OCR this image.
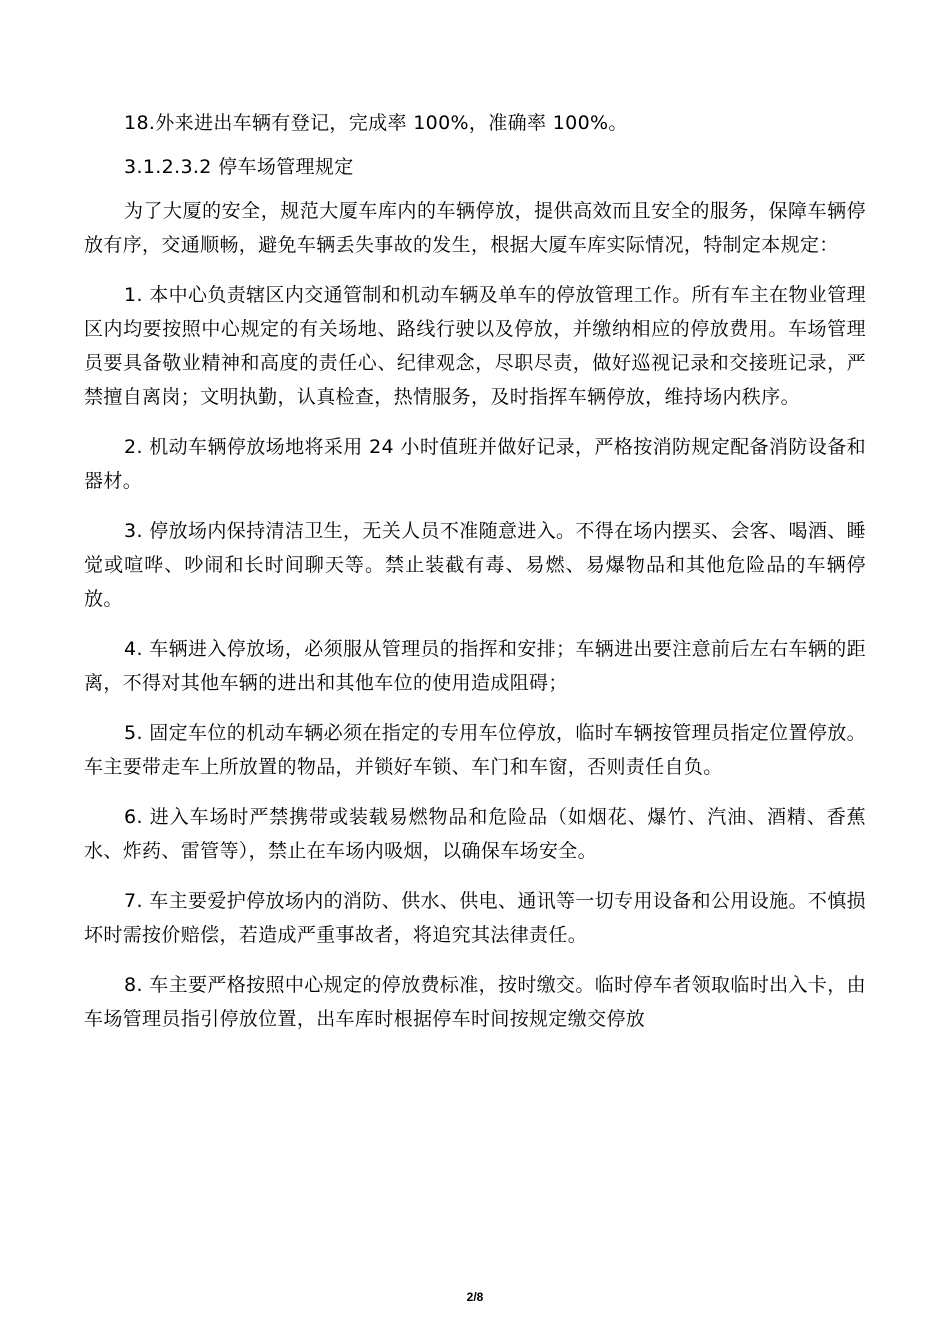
18.外来进出车辆有登记，完成率 100%，准确率 100%。

3.1.2.3.2 停车场管理规定

为了大厦的安全，规范大厦车库内的车辆停放，提供高效而且安全的服务，保障车辆停放有序，交通顺畅，避免车辆丢失事故的发生，根据大厦车库实际情况，特制定本规定：

1. 本中心负责辖区内交通管制和机动车辆及单车的停放管理工作。所有车主在物业管理区内均要按照中心规定的有关场地、路线行驶以及停放，并缴纳相应的停放费用。车场管理员要具备敬业精神和高度的责任心、纪律观念，尽职尽责，做好巡视记录和交接班记录，严禁擅自离岗；文明执勤，认真检查，热情服务，及时指挥车辆停放，维持场内秩序。

2. 机动车辆停放场地将采用 24 小时值班并做好记录，严格按消防规定配备消防设备和器材。

3. 停放场内保持清洁卫生，无关人员不准随意进入。不得在场内摆买、会客、喝酒、睡觉或喧哗、吵闹和长时间聊天等。禁止装截有毒、易燃、易爆物品和其他危险品的车辆停放。

4. 车辆进入停放场，必须服从管理员的指挥和安排；车辆进出要注意前后左右车辆的距离，不得对其他车辆的进出和其他车位的使用造成阻碍；

5. 固定车位的机动车辆必须在指定的专用车位停放，临时车辆按管理员指定位置停放。车主要带走车上所放置的物品，并锁好车锁、车门和车窗，否则责任自负。

6. 进入车场时严禁携带或装载易燃物品和危险品（如烟花、爆竹、汽油、酒精、香蕉水、炸药、雷管等），禁止在车场内吸烟，以确保车场安全。

7. 车主要爱护停放场内的消防、供水、供电、通讯等一切专用设备和公用设施。不慎损坏时需按价赔偿，若造成严重事故者，将追究其法律责任。

8. 车主要严格按照中心规定的停放费标准，按时缴交。临时停车者领取临时出入卡，由车场管理员指引停放位置，出车库时根据停车时间按规定缴交停放

2/8
